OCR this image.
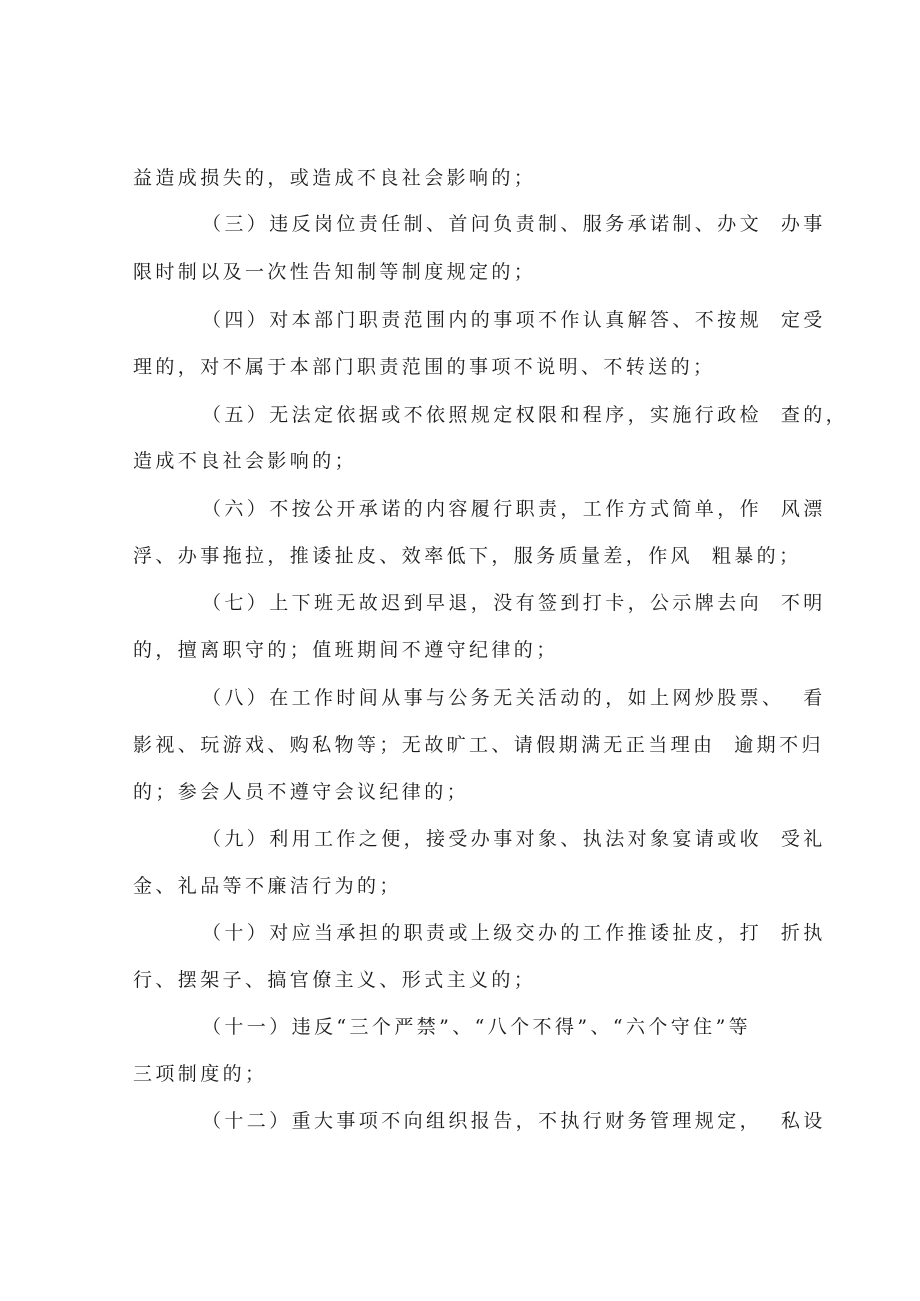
益造成损失的，或造成不良社会影响的；
（三）违反岗位责任制、首问负责制、服务承诺制、办文  办事
限时制以及一次性告知制等制度规定的；
（四）对本部门职责范围内的事项不作认真解答、不按规  定受
理的，对不属于本部门职责范围的事项不说明、不转送的；
（五）无法定依据或不依照规定权限和程序，实施行政检  查的，
造成不良社会影响的；
（六）不按公开承诺的内容履行职责，工作方式简单，作  风漂
浮、办事拖拉，推诿扯皮、效率低下，服务质量差，作风  粗暴的；
（七）上下班无故迟到早退，没有签到打卡，公示牌去向  不明
的，擅离职守的；值班期间不遵守纪律的；
（八）在工作时间从事与公务无关活动的，如上网炒股票、  看
影视、玩游戏、购私物等；无故旷工、请假期满无正当理由  逾期不归
的；参会人员不遵守会议纪律的；
（九）利用工作之便，接受办事对象、执法对象宴请或收  受礼
金、礼品等不廉洁行为的；
（十）对应当承担的职责或上级交办的工作推诿扯皮，打  折执
行、摆架子、搞官僚主义、形式主义的；
（十一）违反“三个严禁”、“八个不得”、“六个守住”等
三项制度的；
（十二）重大事项不向组织报告，不执行财务管理规定，  私设
